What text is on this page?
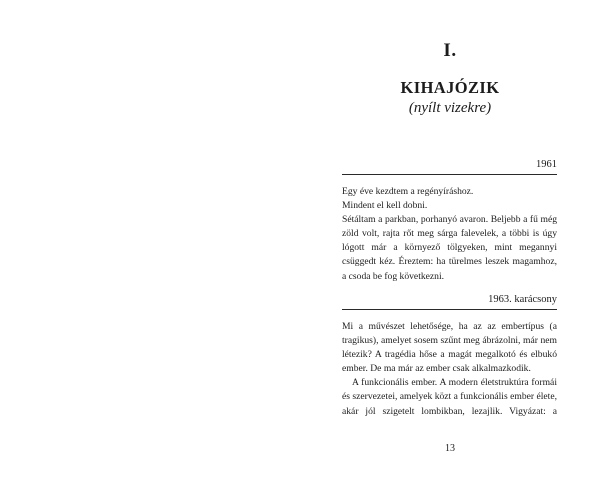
I.
KIHAJÓZIK
(nyílt vizekre)
1961

Egy éve kezdtem a regényíráshoz.

Mindent el kell dobni.

Sétáltam a parkban, porhanyó avaron. Beljebb a fű még zöld volt, rajta rőt meg sárga falevelek, a többi is úgy lógott már a környező tölgyeken, mint megannyi csüggedt kéz. Éreztem: ha türelmes leszek magamhoz, a csoda be fog következni.

1963. karácsony

Mi a művészet lehetősége, ha az az embertípus (a tragikus), amelyet sosem szűnt meg ábrázolni, már nem létezik? A tragédia hőse a magát megalkotó és elbukó ember. De ma már az ember csak alkalmazkodik.

A funkcionális ember. A modern életstruktúra formái és szervezetei, amelyek közt a funkcionális ember élete, akár jól szigetelt lombikban, lezajlik. Vigyázat: a

13
